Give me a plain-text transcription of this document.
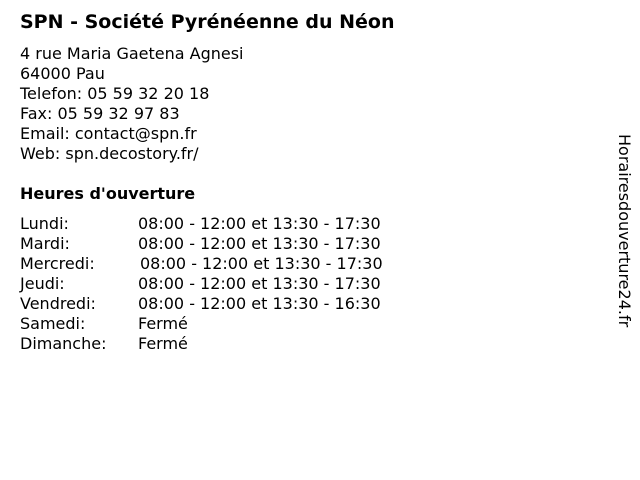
SPN - Société Pyrénéenne du Néon
4 rue Maria Gaetena Agnesi
64000 Pau
Telefon: 05 59 32 20 18
Fax: 05 59 32 97 83
Email: contact@spn.fr
Web: spn.decostory.fr/
Heures d'ouverture
Lundi:	08:00 - 12:00 et 13:30 - 17:30
Mardi:	08:00 - 12:00 et 13:30 - 17:30
Mercredi:	08:00 - 12:00 et 13:30 - 17:30
Jeudi:	08:00 - 12:00 et 13:30 - 17:30
Vendredi:	08:00 - 12:00 et 13:30 - 16:30
Samedi:	Fermé
Dimanche: Fermé
Horairesdouverture24.fr
